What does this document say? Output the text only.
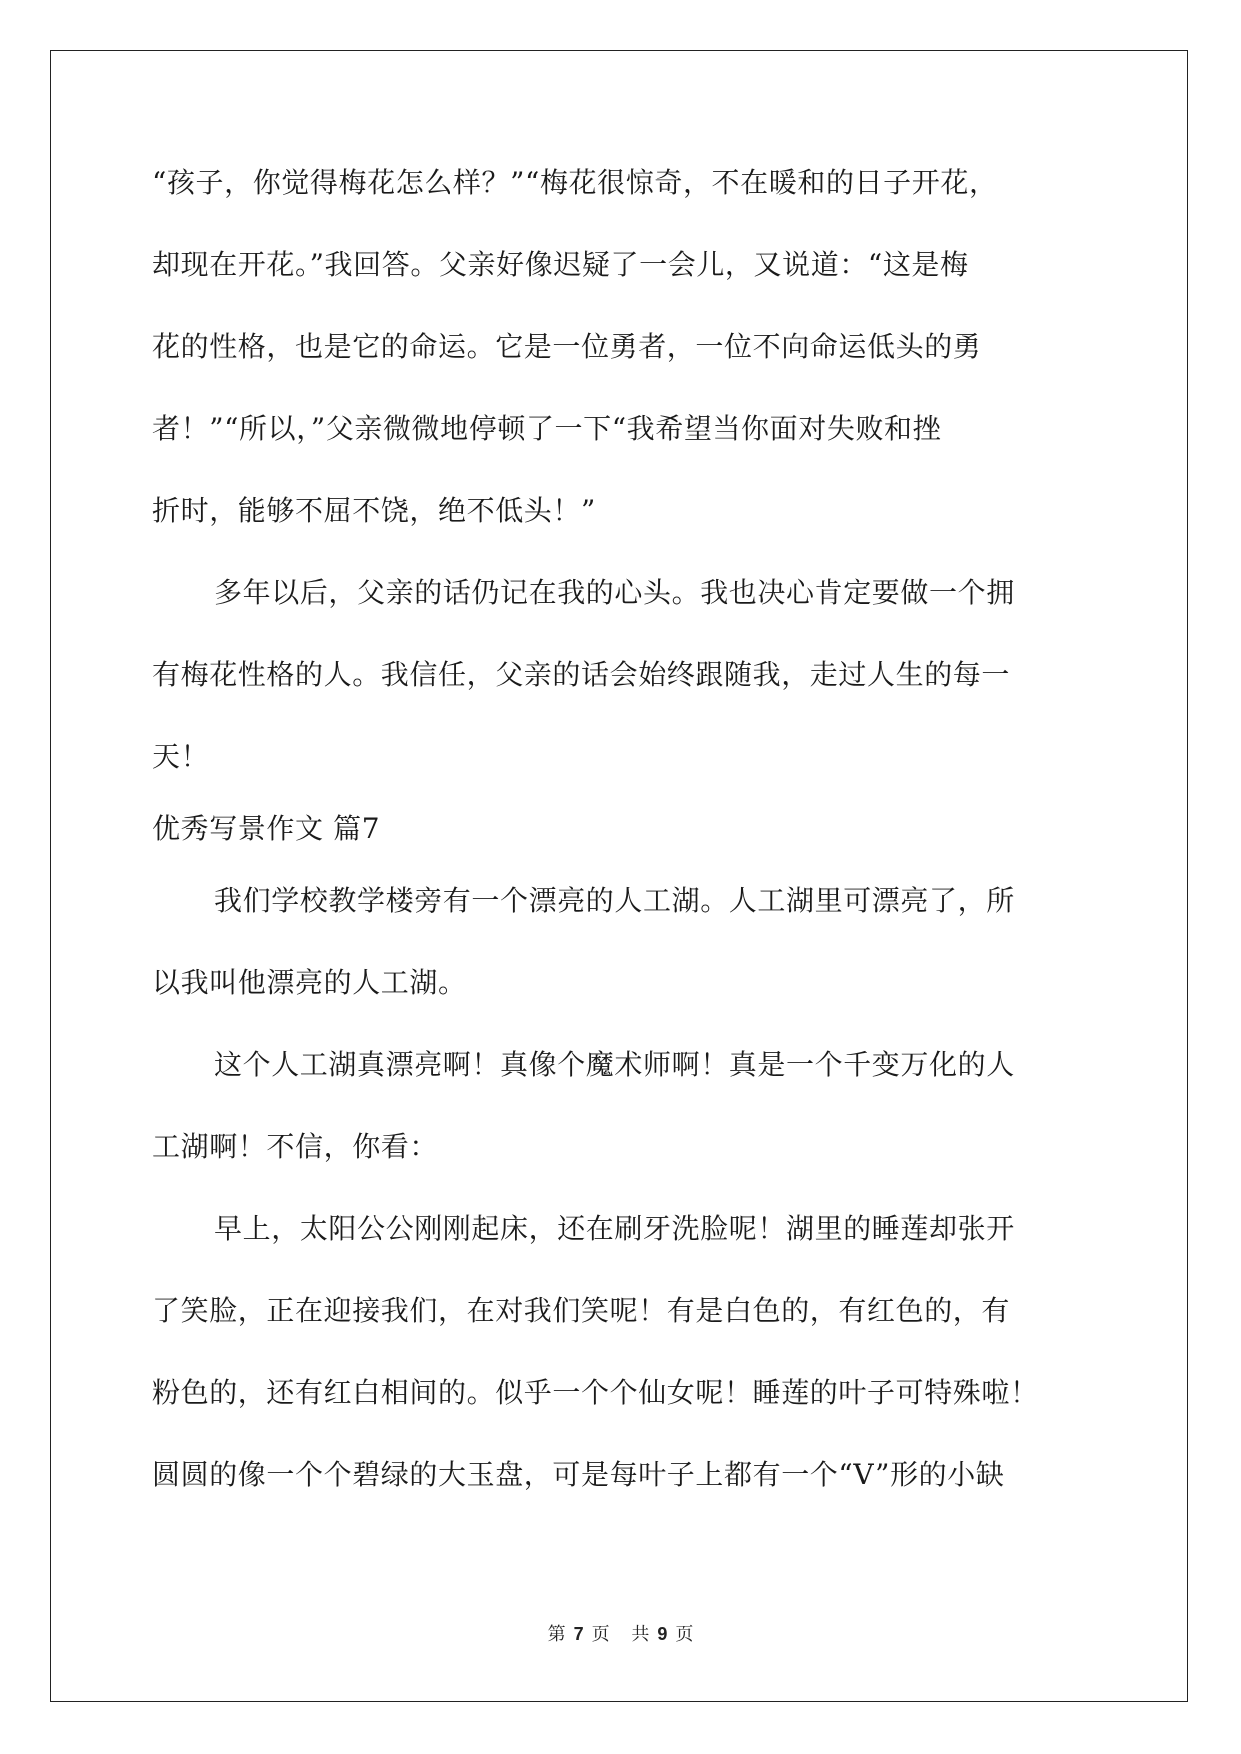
“孩子，你觉得梅花怎么样？”“梅花很惊奇，不在暖和的日子开花，
却现在开花。”我回答。父亲好像迟疑了一会儿，又说道：“这是梅
花的性格，也是它的命运。它是一位勇者，一位不向命运低头的勇
者！”“所以，”父亲微微地停顿了一下“我希望当你面对失败和挫
折时，能够不屈不饶，绝不低头！”
多年以后，父亲的话仍记在我的心头。我也决心肯定要做一个拥
有梅花性格的人。我信任，父亲的话会始终跟随我，走过人生的每一
天！
优秀写景作文 篇7
我们学校教学楼旁有一个漂亮的人工湖。人工湖里可漂亮了，所
以我叫他漂亮的人工湖。
这个人工湖真漂亮啊！真像个魔术师啊！真是一个千变万化的人
工湖啊！不信，你看：
早上，太阳公公刚刚起床，还在刷牙洗脸呢！湖里的睡莲却张开
了笑脸，正在迎接我们，在对我们笑呢！有是白色的，有红色的，有
粉色的，还有红白相间的。似乎一个个仙女呢！睡莲的叶子可特殊啦！
圆圆的像一个个碧绿的大玉盘，可是每叶子上都有一个“V”形的小缺
第 7 页 共 9 页
